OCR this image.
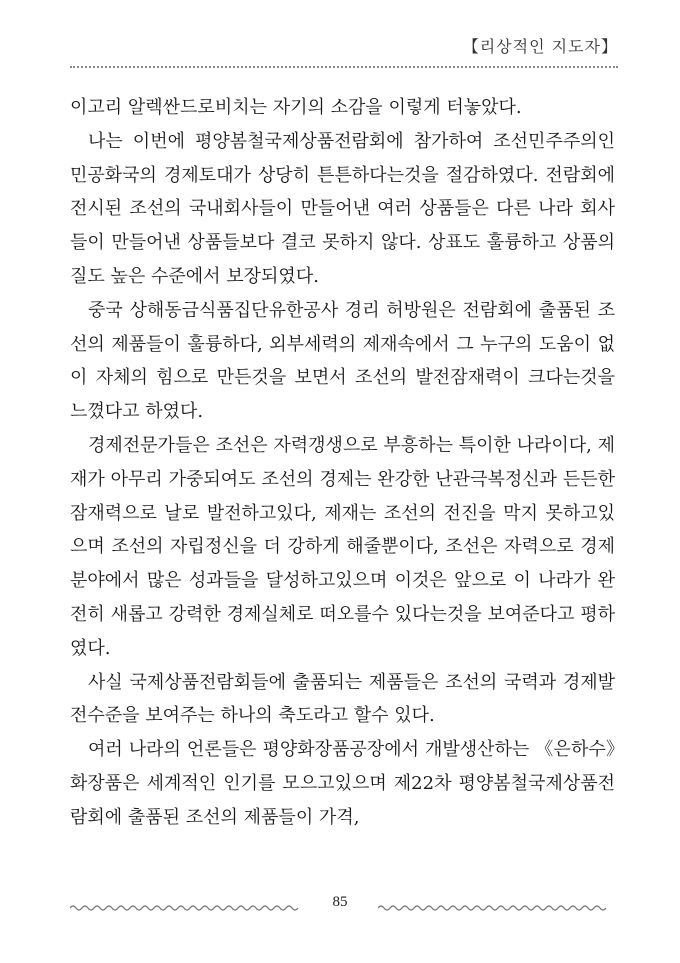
【리상적인 지도자】

이고리 알렉싼드로비치는 자기의 소감을 이렇게 터놓았다.

나는 이번에 평양봄철국제상품전람회에 참가하여 조선민주주의인민공화국의 경제토대가 상당히 튼튼하다는것을 절감하였다. 전람회에 전시된 조선의 국내회사들이 만들어낸 여러 상품들은 다른 나라 회사들이 만들어낸 상품들보다 결코 못하지 않다. 상표도 훌륭하고 상품의 질도 높은 수준에서 보장되였다.

중국 상해동금식품집단유한공사 경리 허방원은 전람회에 출품된 조선의 제품들이 훌륭하다, 외부세력의 제재속에서 그 누구의 도움이 없이 자체의 힘으로 만든것을 보면서 조선의 발전잠재력이 크다는것을 느꼈다고 하였다.

경제전문가들은 조선은 자력갱생으로 부흥하는 특이한 나라이다, 제재가 아무리 가중되여도 조선의 경제는 완강한 난관극복정신과 든든한 잠재력으로 날로 발전하고있다, 제재는 조선의 전진을 막지 못하고있으며 조선의 자립정신을 더 강하게 해줄뿐이다, 조선은 자력으로 경제분야에서 많은 성과들을 달성하고있으며 이것은 앞으로 이 나라가 완전히 새롭고 강력한 경제실체로 떠오를수 있다는것을 보여준다고 평하였다.

사실 국제상품전람회들에 출품되는 제품들은 조선의 국력과 경제발전수준을 보여주는 하나의 축도라고 할수 있다.

여러 나라의 언론들은 평양화장품공장에서 개발생산하는 《은하수》화장품은 세계적인 인기를 모으고있으며 제22차 평양봄철국제상품전람회에 출품된 조선의 제품들이 가격,

85
